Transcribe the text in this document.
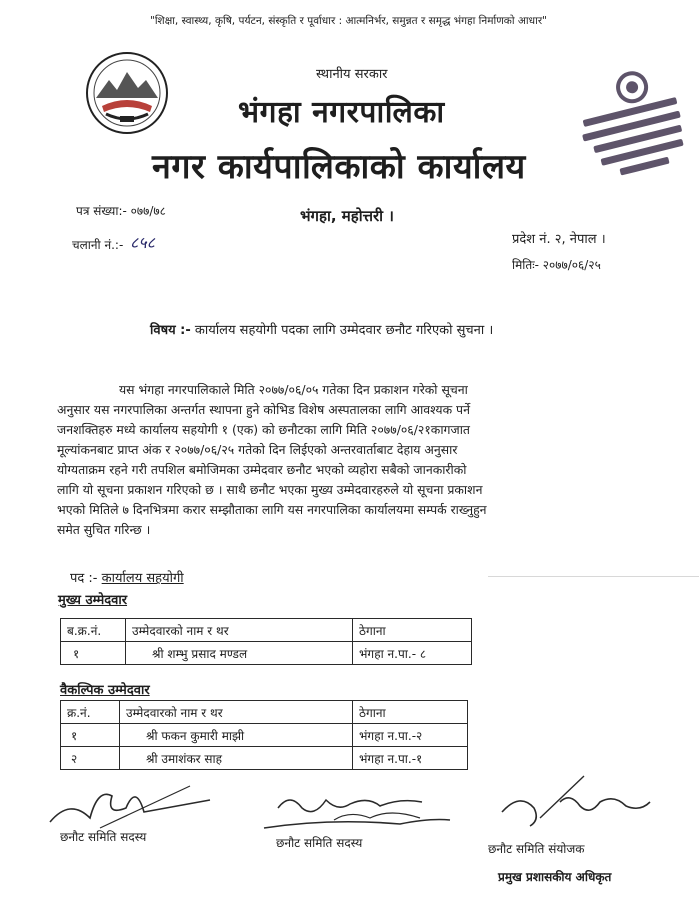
"शिक्षा, स्वास्थ्य, कृषि, पर्यटन, संस्कृति र पूर्वाधार : आत्मनिर्भर, समुन्नत र समृद्ध भंगहा निर्माणको आधार"
स्थानीय सरकार
भंगहा नगरपालिका
नगर कार्यपालिकाको कार्यालय
भंगहा, महोत्तरी ।
पत्र संख्या:- ०७७/७८
चलानी नं.:- ८५८	प्रदेश नं. २, नेपाल ।
मितिः- २०७७/०६/२५
विषय :- कार्यालय सहयोगी पदका लागि उम्मेदवार छनौट गरिएको सुचना ।
यस भंगहा नगरपालिकाले मिति २०७७/०६/०५ गतेका दिन प्रकाशन गरेको सूचना
अनुसार यस नगरपालिका अन्तर्गत स्थापना हुने कोभिड विशेष अस्पतालका लागि आवश्यक पर्ने
जनशक्तिहरु मध्ये कार्यालय सहयोगी १ (एक) को छनौटका लागि मिति २०७७/०६/२१कागजात
मूल्यांकनबाट प्राप्त अंक र २०७७/०६/२५ गतेको दिन लिईएको अन्तरवार्ताबाट देहाय अनुसार
योग्यताक्रम रहने गरी तपशिल बमोजिमका उम्मेदवार छनौट भएको व्यहोरा सबैको जानकारीको
लागि यो सूचना प्रकाशन गरिएको छ । साथै छनौट भएका मुख्य उम्मेदवारहरुले यो सूचना प्रकाशन
भएको मितिले ७ दिनभित्रमा करार सम्झौताका लागि यस नगरपालिका कार्यालयमा सम्पर्क राख्नुहुन
समेत सुचित गरिन्छ ।
पद :- कार्यालय सहयोगी
मुख्य उम्मेदवार
ब.क्र.नं.	उम्मेदवारको नाम र थर	ठेगाना
१	श्री शम्भु प्रसाद मण्डल	भंगहा न.पा.- ८
वैकल्पिक उम्मेदवार
क्र.नं.	उम्मेदवारको नाम र थर	ठेगाना
१	श्री फकन कुमारी माझी	भंगहा न.पा.-२
२	श्री उमाशंकर साह	भंगहा न.पा.-१
छनौट समिति सदस्य	छनौट समिति सदस्य	छनौट समिति संयोजक
प्रमुख प्रशासकीय अधिकृत
